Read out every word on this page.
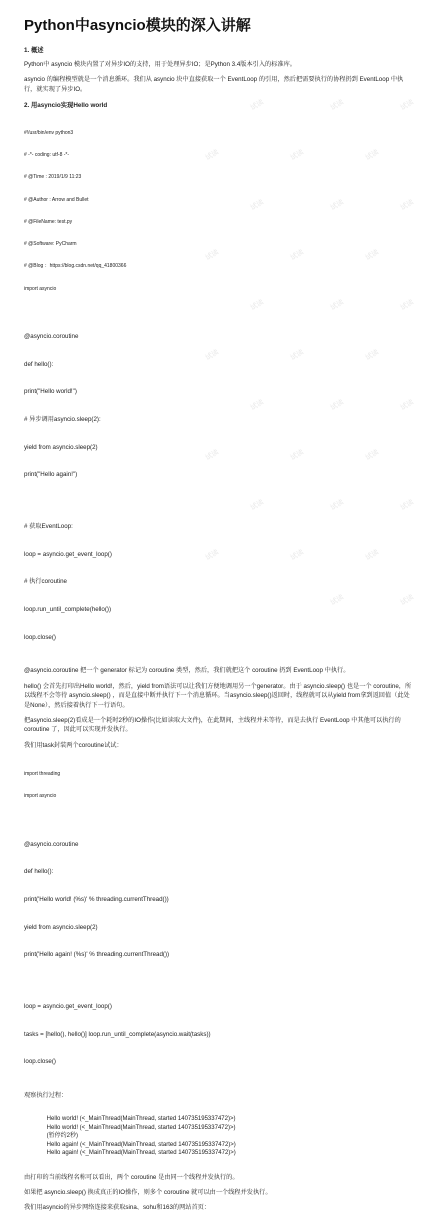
Python中asyncio模块的深入讲解
1. 概述
Python中 asyncio 模块内置了对异步IO的支持，用于处理异步IO；是Python 3.4版本引入的标准库。
asyncio 的编程模型就是一个消息循环。我们从 asyncio 块中直接获取一个 EventLoop 的引用，然后把需要执行的协程扔到 EventLoop 中执行，就实现了异步IO。
2. 用asyncio实现Hello world

#!/usr/bin/env python3

# -*- coding: utf-8 -*-

# @Time : 2019/1/9 11:23

# @Author : Arrow and Bullet

# @FileName: test.py

# @Software: PyCharm

# @Blog ：https://blog.csdn.net/qq_41800366

import asyncio

@asyncio.coroutine

def hello():

print("Hello world!")

# 异步调用asyncio.sleep(2):

yield from asyncio.sleep(2)

print("Hello again!")

# 获取EventLoop:

loop = asyncio.get_event_loop()

# 执行coroutine

loop.run_until_complete(hello())

loop.close()

@asyncio.coroutine 把一个 generator 标记为 coroutine 类型，然后，我们就把这个 coroutine 扔到 EventLoop 中执行。
hello() 会首先打印出Hello world!，然后，yield from语法可以让我们方便地调用另一个generator。由于 asyncio.sleep() 也是一个 coroutine，所以线程不会等待 asyncio.sleep() ，而是直接中断并执行下一个消息循环。当asyncio.sleep()返回时，线程就可以从yield from拿到返回值（此处是None），然后接着执行下一行语句。
把asyncio.sleep(2)看成是一个耗时2秒的IO操作(比如读取大文件)，在此期间，主线程并未等待，而是去执行 EventLoop 中其他可以执行的 coroutine 了，因此可以实现并发执行。
我们用task封装两个coroutine试试：

import threading

import asyncio

@asyncio.coroutine

def hello():

print('Hello world! (%s)' % threading.currentThread())

yield from asyncio.sleep(2)

print('Hello again! (%s)' % threading.currentThread())

loop = asyncio.get_event_loop()

tasks = [hello(), hello()] loop.run_until_complete(asyncio.wait(tasks))

loop.close()

观察执行过程：

Hello world! (<_MainThread(MainThread, started 140735195337472)>)
Hello world! (<_MainThread(MainThread, started 140735195337472)>)
(暂停约2秒)
Hello again! (<_MainThread(MainThread, started 140735195337472)>)
Hello again! (<_MainThread(MainThread, started 140735195337472)>)

由打印的当前线程名称可以看出，两个 coroutine 是由同一个线程并发执行的。
如果把 asyncio.sleep() 换成真正的IO操作，则多个 coroutine 就可以由一个线程并发执行。
我们用asyncio的异步网络连接来获取sina、sohu和163的网站首页：
试读	试读	试读
试读	试读	试读
试读	试读	试读
试读	试读	试读
试读	试读	试读
试读	试读	试读
试读	试读	试读
试读	试读	试读
试读	试读	试读
试读	试读	试读
试读	试读
